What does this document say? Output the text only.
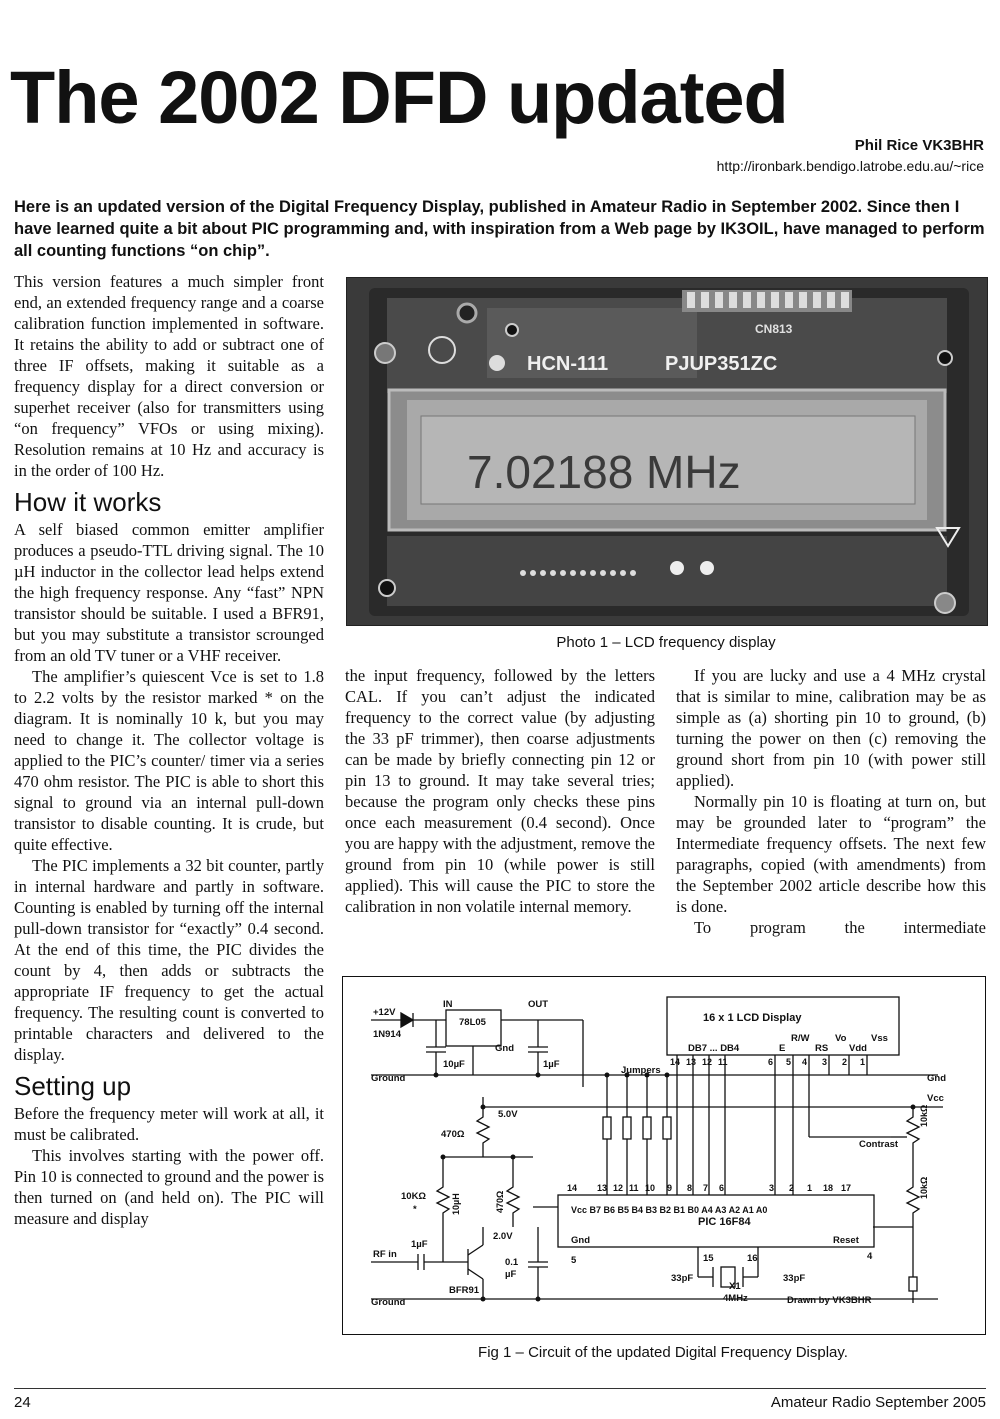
The 2002 DFD updated
Phil Rice VK3BHR
http://ironbark.bendigo.latrobe.edu.au/~rice

Here is an updated version of the Digital Frequency Display, published in Amateur Radio in September 2002. Since then I have learned quite a bit about PIC programming and, with inspiration from a Web page by IK3OIL, have managed to perform all counting functions “on chip”.

This version features a much simpler front end, an extended frequency range and a coarse calibration function implemented in software. It retains the ability to add or subtract one of three IF offsets, making it suitable as a frequency display for a direct conversion or superhet receiver (also for transmitters using “on frequency” VFOs or using mixing). Resolution remains at 10 Hz and accuracy is in the order of 100 Hz.

How it works

A self biased common emitter amplifier produces a pseudo-TTL driving signal. The 10 µH inductor in the collector lead helps extend the high frequency response. Any “fast” NPN transistor should be suitable. I used a BFR91, but you may substitute a transistor scrounged from an old TV tuner or a VHF receiver.

The amplifier’s quiescent Vce is set to 1.8 to 2.2 volts by the resistor marked * on the diagram. It is nominally 10 k, but you may need to change it. The collector voltage is applied to the PIC’s counter/ timer via a series 470 ohm resistor. The PIC is able to short this signal to ground via an internal pull-down transistor to disable counting. It is crude, but quite effective.

The PIC implements a 32 bit counter, partly in internal hardware and partly in software. Counting is enabled by turning off the internal pull-down transistor for “exactly” 0.4 second. At the end of this time, the PIC divides the count by 4, then adds or subtracts the appropriate IF frequency to get the actual frequency. The resulting count is converted to printable characters and delivered to the display.

Setting up

Before the frequency meter will work at all, it must be calibrated.

This involves starting with the power off. Pin 10 is connected to ground and the power is then turned on (and held on). The PIC will measure and display

CN813
HCN-111	PJUP351ZC
7.02188 MHz
Photo 1 – LCD frequency display

the input frequency, followed by the letters CAL. If you can’t adjust the indicated frequency to the correct value (by adjusting the 33 pF trimmer), then coarse adjustments can be made by briefly connecting pin 12 or pin 13 to ground. It may take several tries; because the program only checks these pins once each measurement (0.4 second). Once you are happy with the adjustment, remove the ground from pin 10 (while power is still applied). This will cause the PIC to store the calibration in non volatile internal memory.

If you are lucky and use a 4 MHz crystal that is similar to mine, calibration may be as simple as (a) shorting pin 10 to ground, (b) turning the power on then (c) removing the ground short from pin 10 (with power still applied).

Normally pin 10 is floating at turn on, but may be grounded later to “program” the Intermediate frequency offsets. The next few paragraphs, copied (with amendments) from the September 2002 article describe how this is done.

To program the intermediate

+12V
1N914
IN	OUT
78L05
Gnd
10µF	1µF
Ground
16 x 1 LCD Display
R/W	Vo	Vss
DB7 ... DB4	E	RS Vdd
Jumpers
Gnd
Vcc
5.0V
470Ω
Contrast
10KΩ
*
PIC 16F84
Vcc B7 B6 B5 B4 B3 B2 B1 B0 A4 A3 A2 A1 A0
Gnd	Reset
RF in
1µF
2.0V
0.1
µF
BFR91
Ground
33pF	33pF
X1
4MHz	Drawn by VK3BHR
5	15	16	4
14 13 12 11	6 5 4 3 2 1
14 13 12 11 10 9 8 7 6	3 2 1 18 17
10kΩ
10kΩ
10µH	470Ω
Fig 1 – Circuit of the updated Digital Frequency Display.
24	Amateur Radio September 2005
